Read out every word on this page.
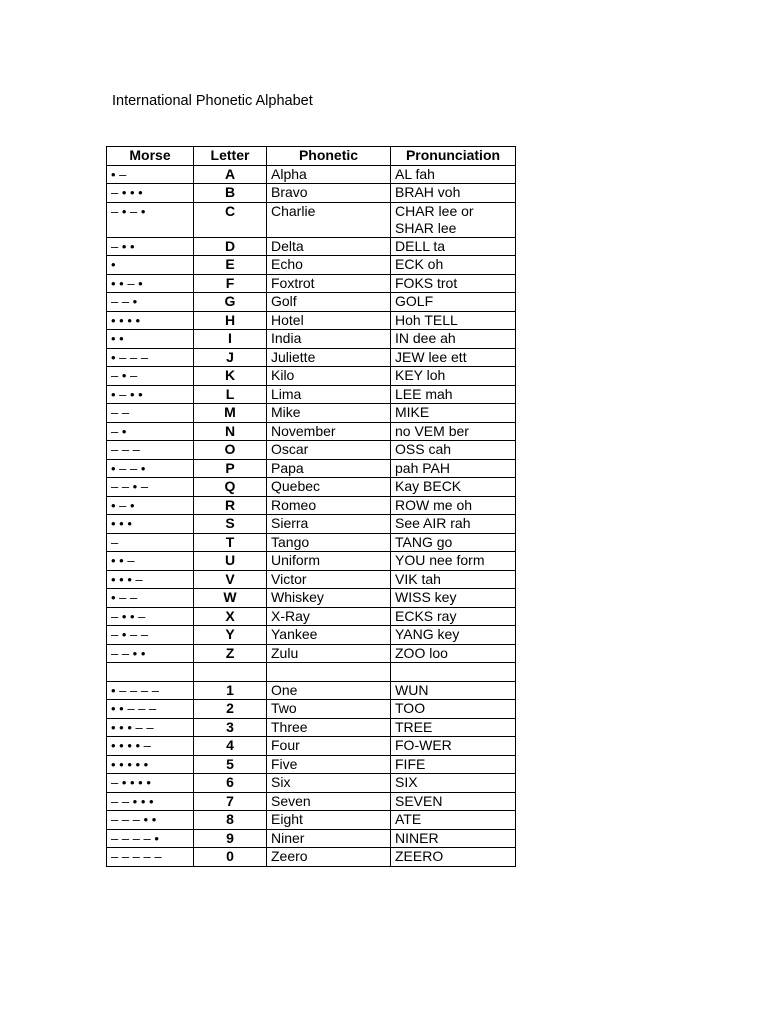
International Phonetic Alphabet
Morse	Letter	Phonetic	Pronunciation
• –	A	Alpha	AL fah
– • • •	B	Bravo	BRAH voh
– • – •	C	Charlie	CHAR lee or
SHAR lee
– • •	D	Delta	DELL ta
•	E	Echo	ECK oh
• • – •	F	Foxtrot	FOKS trot
– – •	G	Golf	GOLF
• • • •	H	Hotel	Hoh TELL
• •	I	India	IN dee ah
• – – –	J	Juliette	JEW lee ett
– • –	K	Kilo	KEY loh
• – • •	L	Lima	LEE mah
– –	M	Mike	MIKE
– •	N	November	no VEM ber
– – –	O	Oscar	OSS cah
• – – •	P	Papa	pah PAH
– – • –	Q	Quebec	Kay BECK
• – •	R	Romeo	ROW me oh
• • •	S	Sierra	See AIR rah
–	T	Tango	TANG go
• • –	U	Uniform	YOU nee form
• • • –	V	Victor	VIK tah
• – –	W	Whiskey	WISS key
– • • –	X	X-Ray	ECKS ray
– • – –	Y	Yankee	YANG key
– – • •	Z	Zulu	ZOO loo

• – – – –	1	One	WUN
• • – – –	2	Two	TOO
• • • – –	3	Three	TREE
• • • • –	4	Four	FO-WER
• • • • •	5	Five	FIFE
– • • • •	6	Six	SIX
– – • • •	7	Seven	SEVEN
– – – • •	8	Eight	ATE
– – – – •	9	Niner	NINER
– – – – –	0	Zeero	ZEERO
